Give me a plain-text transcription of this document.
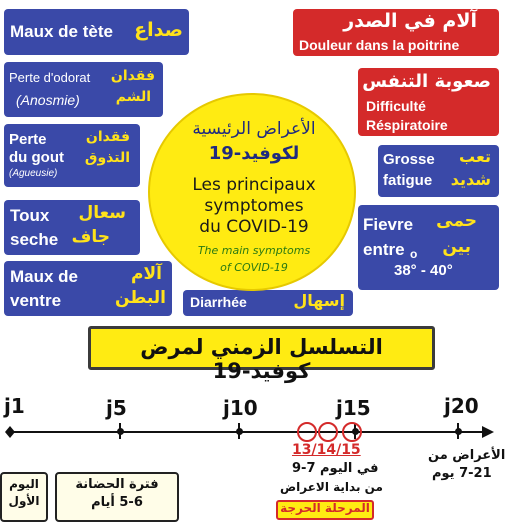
Maux de tète صداع	آلام في الصدر
Douleur dans la poitrine
Perte d'odorat
(Anosmie)
فقدان
الشم
صعوبة التنفس
Difficulté
Réspiratoire
Perte
du gout
(Agueusie)
فقدان
التذوق	Grosse
fatigue
تعب
شديد
Toux
seche
سعال
جاف
Fievre
entre o
38° - 40°
حمى
بين
Maux de
ventre
آلام
البطن Diarrhée	إسهال
الأعراض الرئيسية
لكوفيد-19
Les principaux
symptomes
du COVID-19
The main symptoms
of COVID-19
التسلسل الزمني لمرض كوفيد-19
j1	j5	j10	j15	j20
13/14/15
في اليوم 7-9
من بداية الاعراض
الأعراض من
7-21 يوم
اليوم
الأول
فترة الحضانة
5-6 أيام	المرحلة الحرجة
